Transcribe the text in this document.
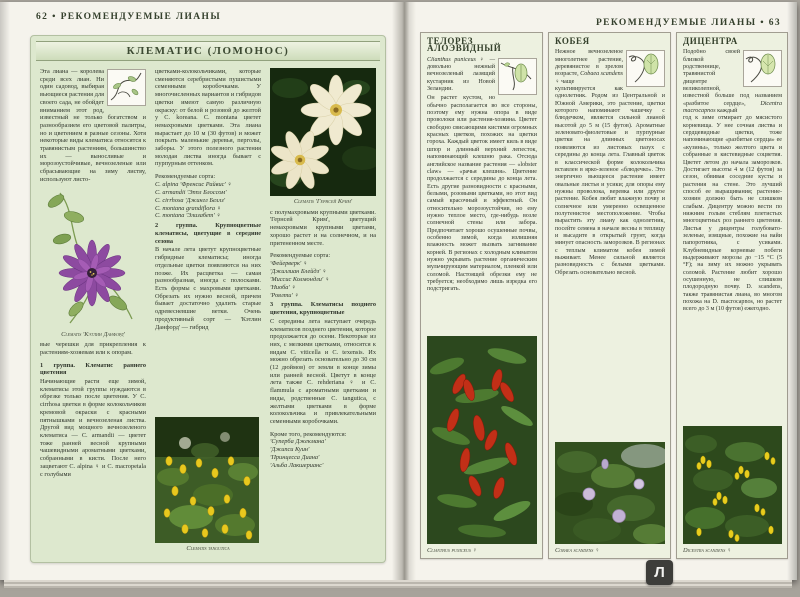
62 • РЕКОМЕНДУЕМЫЕ ЛИАНЫ
КЛЕМАТИС (ЛОМОНОС)

Эта лиана — королева среди всех лиан. Ни один садовод, выбирая вьющиеся растения для своего сада, не обойдет вниманием этот род, известный не только богатством и разнообразием его цветовой палитры, но и цветением в разные сезоны. Хотя некоторые виды клематиса относятся к травянистым растениям, большинство их — выносливые и морозоустойчивые, вечнозеленые или сбрасывающие на зиму листву, используют листо-

Clematis 'Кэтлин Данфорд'

вые черешки для прикрепления к растениям-хозяевам или к опорам.

1 группа. Клематис раннего цветения

Начинающие расти еще зимой, клематисы этой группы нуждаются в обрезке только после цветения. У C. cirrhosa цветки в форме колокольчиков кремовой окраски с красными пятнышками и вечнозеленая листва. Другой вид мощного вечнозеленого клематиса — C. armandii — цветет тоже ранней весной крупными чашевидными ароматными цветками, собранными в кисти. После него зацветают C. alpina ♀ и C. macropetala с голубыми

цветками-колокольчиками, которые сменяются серебристыми пушистыми семенными коробочками. У многочисленных вариантов и гибридов цветки имеют самую различную окраску: от белой и розовой до желтой у C. koreana. C. montana цветет немахровыми цветками. Эта лиана вырастает до 10 м (30 футов) и может покрыть маленькие деревья, перголы, заборы. У этого полезного растения молодая листва иногда бывает с пурпурным оттенком.

Рекомендуемые сорта:
C. alpina 'Френсис Райвис' ♀
C. armandii 'Эппл Блоссом'
C. cirrhosa 'Джингл Беллз'
C. montana grandiflora ♀
C. montana 'Элизабет' ♀
2 группа. Крупноцветные клематисы, цветущие в середине сезона

В начале лета цветут крупноцветные гибридные клематисы; иногда отдельные цветки появляются на них позже. Их расцветка — самая разнообразная, иногда с полосками. Есть формы с махровыми цветками. Обрезать их нужно весной, причем бывает достаточно удалить старые одревесневшие ветки. Очень продуктивный сорт — 'Кэтлин Данфорд' — гибрид

Clematis tangutica
Clematis 'Гернсей Крим'

с полумахровыми крупными цветками. 'Гернсей Крим', цветущий немахровыми крупными цветами, хорошо растет и на солнечном, и на притененном месте.

Рекомендуемые сорта:
'Фейерверк' ♀
'Джиллиан Блейдз' ♀
'Миссис Колмондли' ♀
'Ниоба' ♀
'Роялти' ♀
3 группа. Клематисы позднего цветения, крупноцветные

С середины лета наступает очередь клематисов позднего цветения, которое продолжается до осени. Некоторые из них, с мелкими цветками, относятся к видам C. viticella и C. texensis. Их можно обрезать основательно до 30 см (12 дюймов) от земли в конце зимы или ранней весной. Цветут в конце лета также C. rehderiana ♀ и C. flammula с ароматными цветками и виды, родственные C. tangutica, с желтыми цветками в форме колокольчика и привлекательными семенными коробочками.

Кроме того, рекомендуются:
'Суперба Джекмана'
'Джипси Куин'
'Принцесса Диана'
'Альба Лакшерианс'
РЕКОМЕНДУЕМЫЕ ЛИАНЫ • 63
ТЕЛОРЕЗ АЛОЭВИДНЫЙ
Clianthus puniceus ♀ — довольно нежный вечнозеленый лазящий кустарник из Новой Зеландии.

Он растет кустом, но обычно располагается во все стороны, поэтому ему нужна опора в виде проволоки или растения-хозяина. Цветет свободно свисающими кистями огромных красных цветков, похожих на цветки гороха. Каждый цветок имеет киль в виде шпор и длинный верхний лепесток, напоминающий клешню рака. Отсюда английское название растения — «lobster claw» — «рачья клешня». Цветение продолжается с середины до конца лета. Есть другие разновидности с красными, белыми, розовыми цветками, но этот вид самый красочный и эффектный. Он относительно морозоустойчив, но ему нужно теплое место, где-нибудь возле солнечной стены или забора. Предпочитает хорошо осушенные почвы, особенно зимой, когда излишняя влажность может вызвать загнивание корней. В регионах с холодным климатом нужно укрывать растение органическим мульчирующим материалом, пленкой или соломой. Настоящей обрезки ему не требуется; необходимо лишь изредка его подстригать.

Clianthus puniceus ♀
КОБЕЯ
Нежное вечнозеленое многолетнее растение, деревянистое в зрелом возрасте, Cobaea scandens ♀ чаще

культивируется как однолетник. Родом из Центральной и Южной Америки, это растение, цветки которого напоминают чашечку с блюдечком, является сильной лианой высотой до 5 м (15 футов). Ароматные зеленовато-фиолетовые и пурпурные цветки на длинных цветоносах появляются из листовых пазух с середины до конца лета. Главный цветок в классической форме колокольчика вставлен в ярко-зеленое «блюдечко». Это энергично вьющееся растение имеет овальные листья и усики; для опоры ему нужны проволока, веревка или другое растение. Кобея любит влажную почву и солнечное или умеренно освещенное полутенистое местоположение. Чтобы вырастить эту лиану как однолетник, посейте семена в начале весны в теплицу и высадите в открытый грунт, когда минует опасность заморозков. В регионах с теплым климатом кобея зимой выживает. Менее сильной является разновидность с белыми цветками. Обрезать основательно весной.

Cobaea scandens ♀
ДИЦЕНТРА
Подобно своей близкой родственнице, травянистой дицентре великолепной, известной больше под названием «разбитое сердце», Dicentra macrocapnos каждый

год к зиме отмирает до мясистого корневища. У нее сочная листва и сердцевидные цветки, тоже напоминающие «разбитые сердца» ее «кузины», только желтого цвета и собранные в кистевидные соцветия. Цветет летом до начала заморозков. Достигает высоты 4 м (12 футов) за сезон, обвивая соседние кусты и растения на стене. Это лучший способ ее выращивания; растение-хозяин должно быть не слишком слабым. Дицентру можно вести по нижним голым стеблям плетистых многоцветных роз раннего цветения. Листья у дицентры голубовато-зеленые, изящные, похожие на вайи папоротника, с усиками. Клубневидные корневые побеги выдерживают морозы до −15 °C (5 °F); на зиму их можно укрывать соломой. Растение любит хорошо осушенную, не слишком плодородную почву. D. scandens, также травянистая лиана, во многом похожа на D. macrocapnos, но растет всего до 3 м (10 футов) ежегодно.

Dicentra scandens ♀
Л
